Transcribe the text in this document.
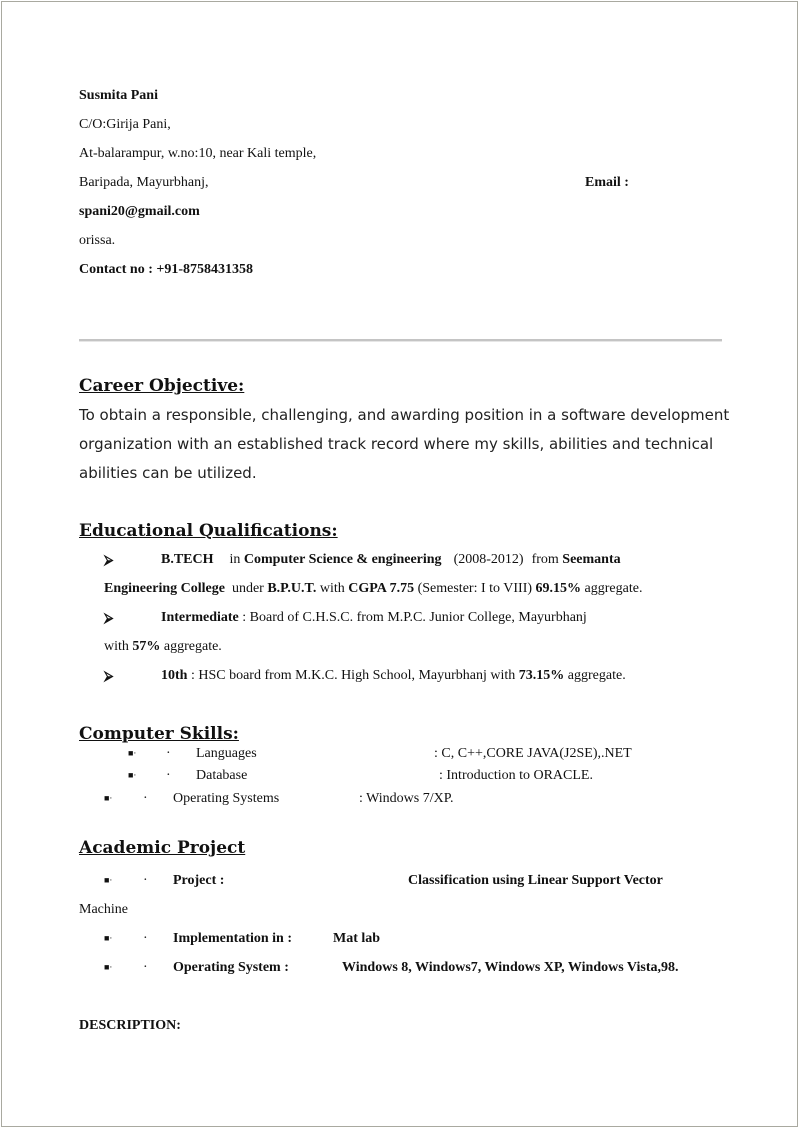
Susmita Pani
C/O:Girija Pani,
At-balarampur, w.no:10, near Kali temple,
Baripada, Mayurbhanj,	Email :
spani20@gmail.com
orissa.
Contact no : +91-8758431358
Career Objective:
To obtain a responsible, challenging, and awarding position in a software development
organization with an established track record where my skills, abilities and technical
abilities can be utilized.
Educational Qualifications:
⮚	B.TECH in Computer Science & engineering (2008-2012) from Seemanta
Engineering College under B.P.U.T. with CGPA 7.75 (Semester: I to VIII) 69.15% aggregate.
⮚	Intermediate : Board of C.H.S.C. from M.P.C. Junior College, Mayurbhanj
with 57% aggregate.
⮚	10th : HSC board from M.K.C. High School, Mayurbhanj with 73.15% aggregate.
Computer Skills:
■· · Languages	: C, C++,CORE JAVA(J2SE),.NET
■· · Database	: Introduction to ORACLE.
■· · Operating Systems	: Windows 7/XP.
Academic Project
■· · Project :	Classification using Linear Support Vector
Machine
■· · Implementation in :	Mat lab
■· · Operating System :	Windows 8, Windows7, Windows XP, Windows Vista,98.
DESCRIPTION:
